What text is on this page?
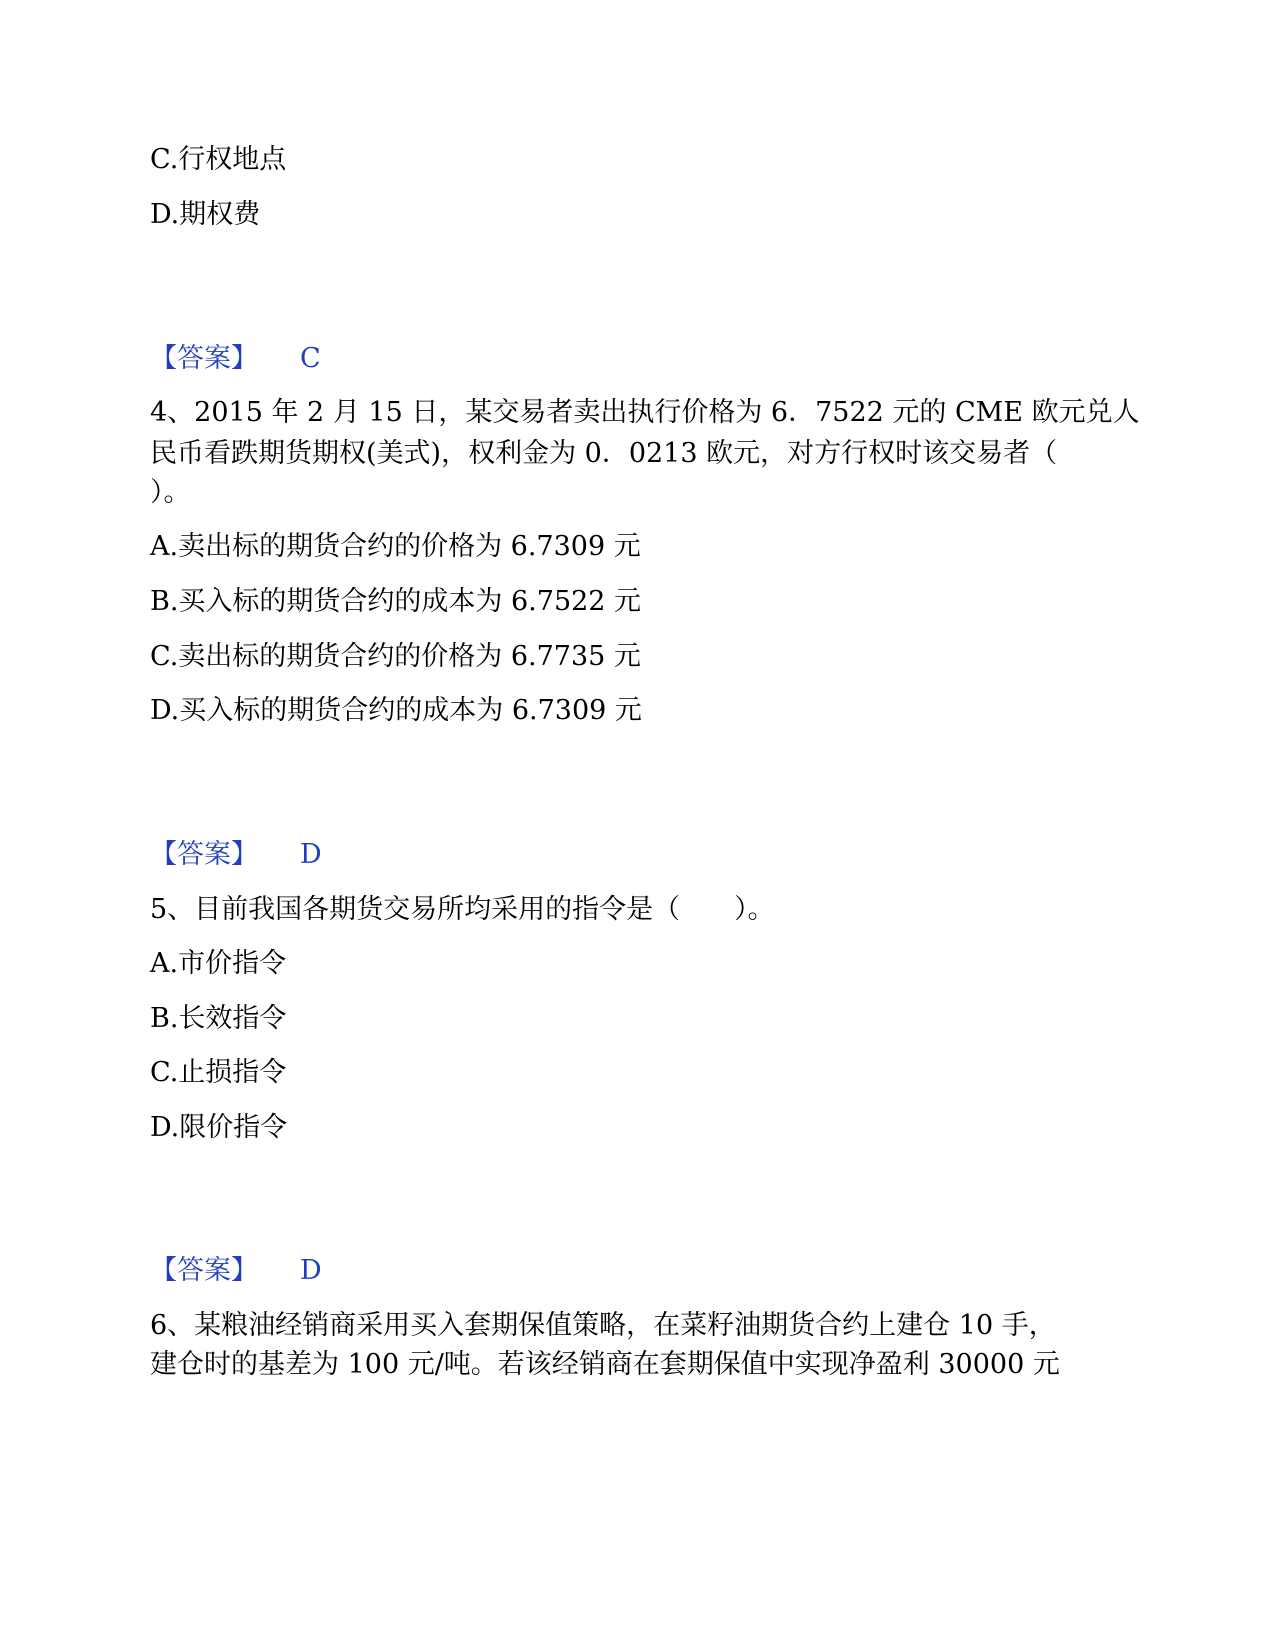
C.行权地点
D.期权费
【答案】 C
4、2015 年 2 月 15 日，某交易者卖出执行价格为 6．7522 元的 CME 欧元兑人
民币看跌期货期权(美式)，权利金为 0．0213 欧元，对方行权时该交易者（
）。
A.卖出标的期货合约的价格为 6.7309 元
B.买入标的期货合约的成本为 6.7522 元
C.卖出标的期货合约的价格为 6.7735 元
D.买入标的期货合约的成本为 6.7309 元
【答案】 D
5、目前我国各期货交易所均采用的指令是（　　）。
A.市价指令
B.长效指令
C.止损指令
D.限价指令
【答案】 D
6、某粮油经销商采用买入套期保值策略，在菜籽油期货合约上建仓 10 手，
建仓时的基差为 100 元/吨。若该经销商在套期保值中实现净盈利 30000 元
